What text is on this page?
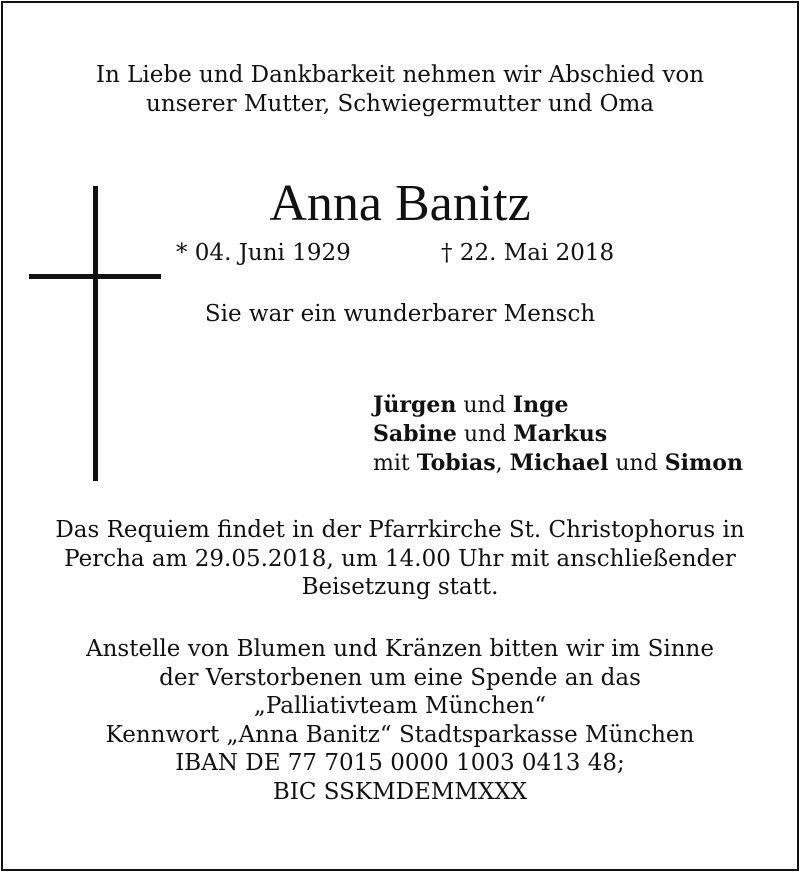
In Liebe und Dankbarkeit nehmen wir Abschied von
unserer Mutter, Schwiegermutter und Oma
Anna Banitz
* 04. Juni 1929	† 22. Mai 2018
Sie war ein wunderbarer Mensch
Jürgen und Inge
Sabine und Markus
mit Tobias, Michael und Simon
Das Requiem findet in der Pfarrkirche St. Christophorus in
Percha am 29.05.2018, um 14.00 Uhr mit anschließender
Beisetzung statt.
Anstelle von Blumen und Kränzen bitten wir im Sinne
der Verstorbenen um eine Spende an das
„Palliativteam München“
Kennwort „Anna Banitz“ Stadtsparkasse München
IBAN DE 77 7015 0000 1003 0413 48;
BIC SSKMDEMMXXX
